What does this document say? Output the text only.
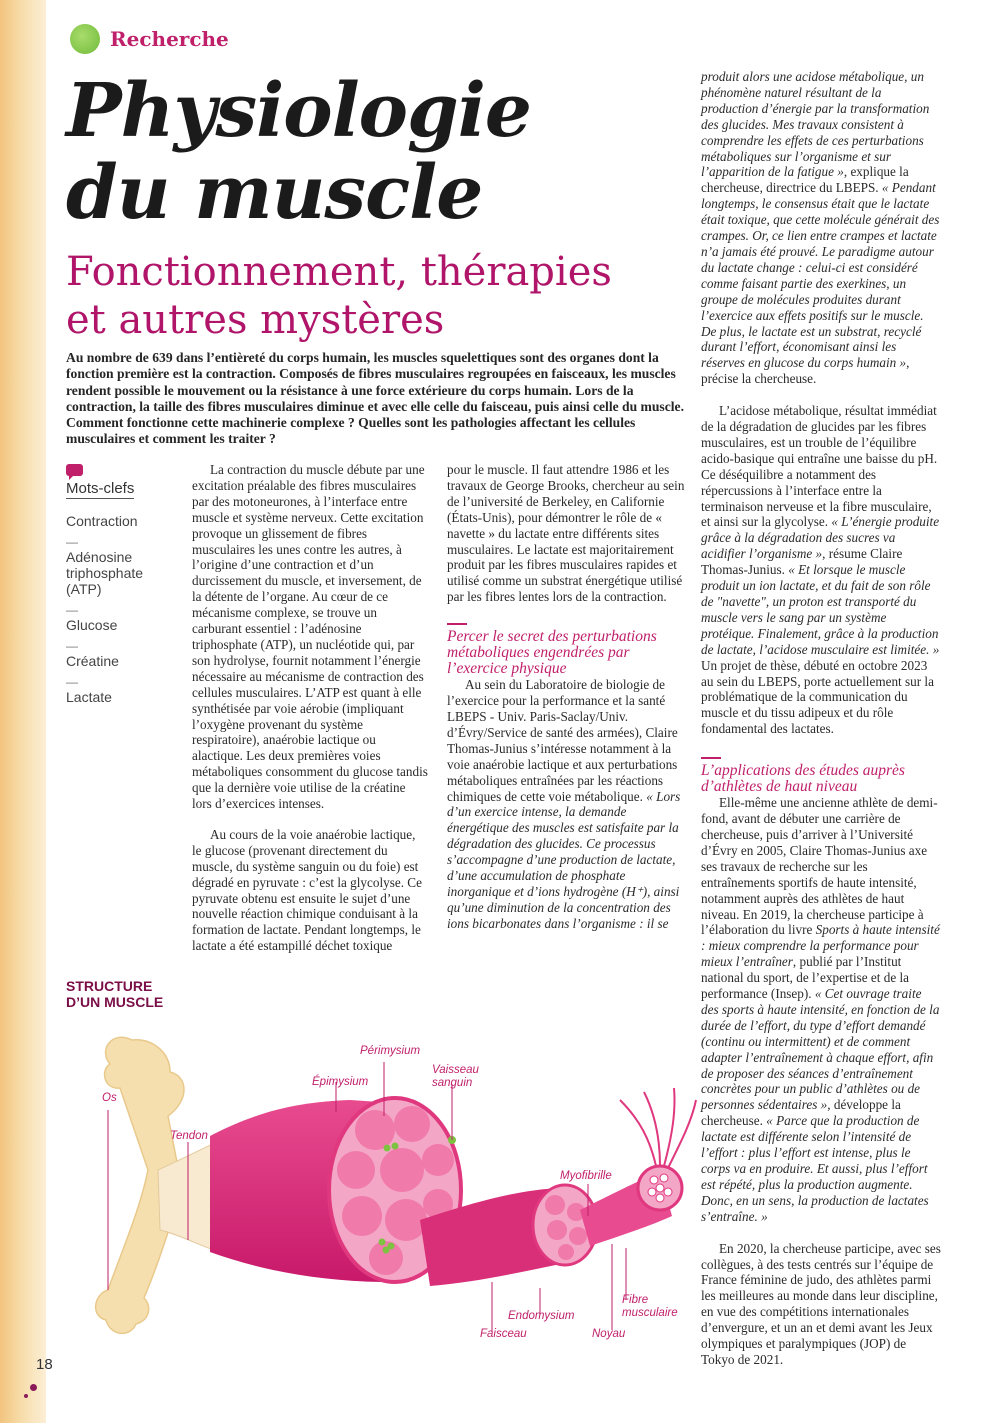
Recherche
Physiologie
du muscle
Fonctionnement, thérapies
et autres mystères

Au nombre de 639 dans l’entièreté du corps humain, les muscles squelettiques sont des organes dont la fonction première est la contraction. Composés de fibres musculaires regroupées en faisceaux, les muscles rendent possible le mouvement ou la résistance à une force extérieure du corps humain. Lors de la contraction, la taille des fibres musculaires diminue et avec elle celle du faisceau, puis ainsi celle du muscle. Comment fonctionne cette machinerie complexe ? Quelles sont les pathologies affectant les cellules musculaires et comment les traiter ?

Mots-clefs

Contraction

—

Adénosine triphosphate (ATP)

—

Glucose

—

Créatine

—

Lactate

La contraction du muscle débute par une excitation préalable des fibres musculaires par des motoneurones, à l’interface entre muscle et système nerveux. Cette excitation provoque un glissement de fibres musculaires les unes contre les autres, à l’origine d’une contraction et d’un durcissement du muscle, et inversement, de la détente de l’organe. Au cœur de ce mécanisme complexe, se trouve un carburant essentiel : l’adénosine triphosphate (ATP), un nucléotide qui, par son hydrolyse, fournit notamment l’énergie nécessaire au mécanisme de contraction des cellules musculaires. L’ATP est quant à elle synthétisée par voie aérobie (impliquant l’oxygène provenant du système respiratoire), anaérobie lactique ou alactique. Les deux premières voies métaboliques consomment du glucose tandis que la dernière voie utilise de la créatine lors d’exercices intenses.

Au cours de la voie anaérobie lactique, le glucose (provenant directement du muscle, du système sanguin ou du foie) est dégradé en pyruvate : c’est la glycolyse. Ce pyruvate obtenu est ensuite le sujet d’une nouvelle réaction chimique conduisant à la formation de lactate. Pendant longtemps, le lactate a été estampillé déchet toxique

pour le muscle. Il faut attendre 1986 et les travaux de George Brooks, chercheur au sein de l’université de Berkeley, en Californie (États-Unis), pour démontrer le rôle de « navette » du lactate entre différents sites musculaires. Le lactate est majoritairement produit par les fibres musculaires rapides et utilisé comme un substrat énergétique utilisé par les fibres lentes lors de la contraction.

Percer le secret des perturbations métaboliques engendrées par l’exercice physique

Au sein du Laboratoire de biologie de l’exercice pour la performance et la santé LBEPS - Univ. Paris-Saclay/Univ. d’Évry/Service de santé des armées), Claire Thomas-Junius s’intéresse notamment à la voie anaérobie lactique et aux perturbations métaboliques entraînées par les réactions chimiques de cette voie métabolique. « Lors d’un exercice intense, la demande énergétique des muscles est satisfaite par la dégradation des glucides. Ce processus s’accompagne d’une production de lactate, d’une accumulation de phosphate inorganique et d’ions hydrogène (H⁺), ainsi qu’une diminution de la concentration des ions bicarbonates dans l’organisme : il se

produit alors une acidose métabolique, un phénomène naturel résultant de la production d’énergie par la transformation des glucides. Mes travaux consistent à comprendre les effets de ces perturbations métaboliques sur l’organisme et sur l’apparition de la fatigue », explique la chercheuse, directrice du LBEPS. « Pendant longtemps, le consensus était que le lactate était toxique, que cette molécule générait des crampes. Or, ce lien entre crampes et lactate n’a jamais été prouvé. Le paradigme autour du lactate change : celui-ci est considéré comme faisant partie des exerkines, un groupe de molécules produites durant l’exercice aux effets positifs sur le muscle. De plus, le lactate est un substrat, recyclé durant l’effort, économisant ainsi les réserves en glucose du corps humain », précise la chercheuse.

L’acidose métabolique, résultat immédiat de la dégradation de glucides par les fibres musculaires, est un trouble de l’équilibre acido-basique qui entraîne une baisse du pH. Ce déséquilibre a notamment des répercussions à l’interface entre la terminaison nerveuse et la fibre musculaire, et ainsi sur la glycolyse. « L’énergie produite grâce à la dégradation des sucres va acidifier l’organisme », résume Claire Thomas-Junius. « Et lorsque le muscle produit un ion lactate, et du fait de son rôle de "navette", un proton est transporté du muscle vers le sang par un système protéique. Finalement, grâce à la production de lactate, l’acidose musculaire est limitée. » Un projet de thèse, débuté en octobre 2023 au sein du LBEPS, porte actuellement sur la problématique de la communication du muscle et du tissu adipeux et du rôle fondamental des lactates.

L’applications des études auprès d’athlètes de haut niveau

Elle-même une ancienne athlète de demi-fond, avant de débuter une carrière de chercheuse, puis d’arriver à l’Université d’Évry en 2005, Claire Thomas-Junius axe ses travaux de recherche sur les entraînements sportifs de haute intensité, notamment auprès des athlètes de haut niveau. En 2019, la chercheuse participe à l’élaboration du livre Sports à haute intensité : mieux comprendre la performance pour mieux l’entraîner, publié par l’Institut national du sport, de l’expertise et de la performance (Insep). « Cet ouvrage traite des sports à haute intensité, en fonction de la durée de l’effort, du type d’effort demandé (continu ou intermittent) et de comment adapter l’entraînement à chaque effort, afin de proposer des séances d’entraînement concrètes pour un public d’athlètes ou de personnes sédentaires », développe la chercheuse. « Parce que la production de lactate est différente selon l’intensité de l’effort : plus l’effort est intense, plus le corps va en produire. Et aussi, plus l’effort est répété, plus la production augmente. Donc, en un sens, la production de lactates s’entraîne. »

En 2020, la chercheuse participe, avec ses collègues, à des tests centrés sur l’équipe de France féminine de judo, des athlètes parmi les meilleures au monde dans leur discipline, en vue des compétitions internationales d’envergure, et un an et demi avant les Jeux olympiques et paralympiques (JOP) de Tokyo de 2021.

STRUCTURE
D’UN MUSCLE

Os
Tendon
Épimysium
Périmysium
Vaisseau
sanguin
Myofibrille
Endomysium
Faisceau	Noyau
Fibre
musculaire
18
